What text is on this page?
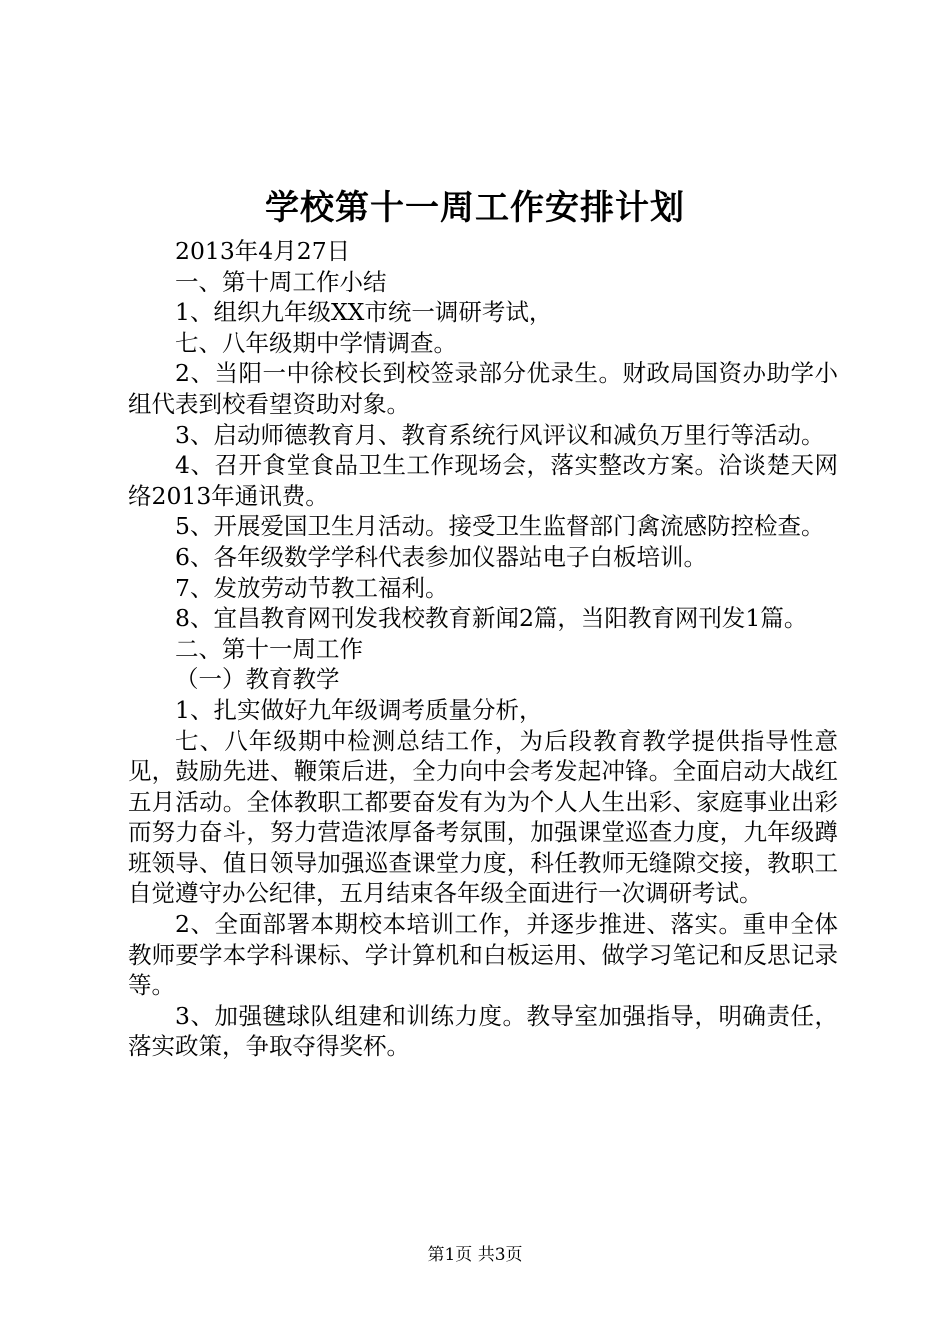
学校第十一周工作安排计划

2013年4月27日

一、第十周工作小结

1、组织九年级XX市统一调研考试，

七、八年级期中学情调查。

2、当阳一中徐校长到校签录部分优录生。财政局国资办助学小组代表到校看望资助对象。

3、启动师德教育月、教育系统行风评议和减负万里行等活动。

4、召开食堂食品卫生工作现场会，落实整改方案。洽谈楚天网络2013年通讯费。

5、开展爱国卫生月活动。接受卫生监督部门禽流感防控检查。

6、各年级数学学科代表参加仪器站电子白板培训。

7、发放劳动节教工福利。

8、宜昌教育网刊发我校教育新闻2篇，当阳教育网刊发1篇。

二、第十一周工作

（一）教育教学

1、扎实做好九年级调考质量分析，

七、八年级期中检测总结工作，为后段教育教学提供指导性意见，鼓励先进、鞭策后进，全力向中会考发起冲锋。全面启动大战红五月活动。全体教职工都要奋发有为为个人人生出彩、家庭事业出彩而努力奋斗，努力营造浓厚备考氛围，加强课堂巡查力度，九年级蹲班领导、值日领导加强巡查课堂力度，科任教师无缝隙交接，教职工自觉遵守办公纪律，五月结束各年级全面进行一次调研考试。

2、全面部署本期校本培训工作，并逐步推进、落实。重申全体教师要学本学科课标、学计算机和白板运用、做学习笔记和反思记录等。

3、加强毽球队组建和训练力度。教导室加强指导，明确责任，落实政策，争取夺得奖杯。

第1页 共3页
